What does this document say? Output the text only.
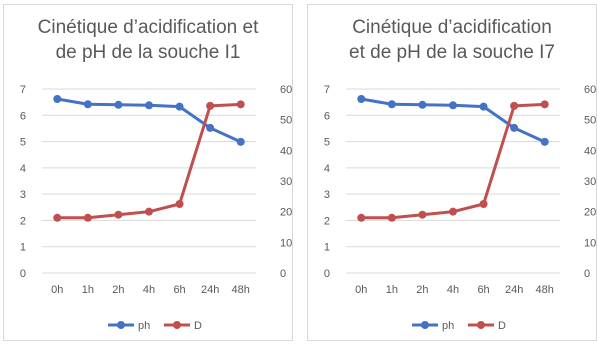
Cinétique d’acidification et
de pH de la souche I1
0
1
2
3
4
5
6
7
0
10
20
30
40
50
60
0h 1h 2h 4h 6h 24h 48h
ph	D
Cinétique d’acidification
et de pH de la souche I7
0
1
2
3
4
5
6
7
0
10
20
30
40
50
60
0h 1h 2h 4h 6h 24h 48h
ph	D
